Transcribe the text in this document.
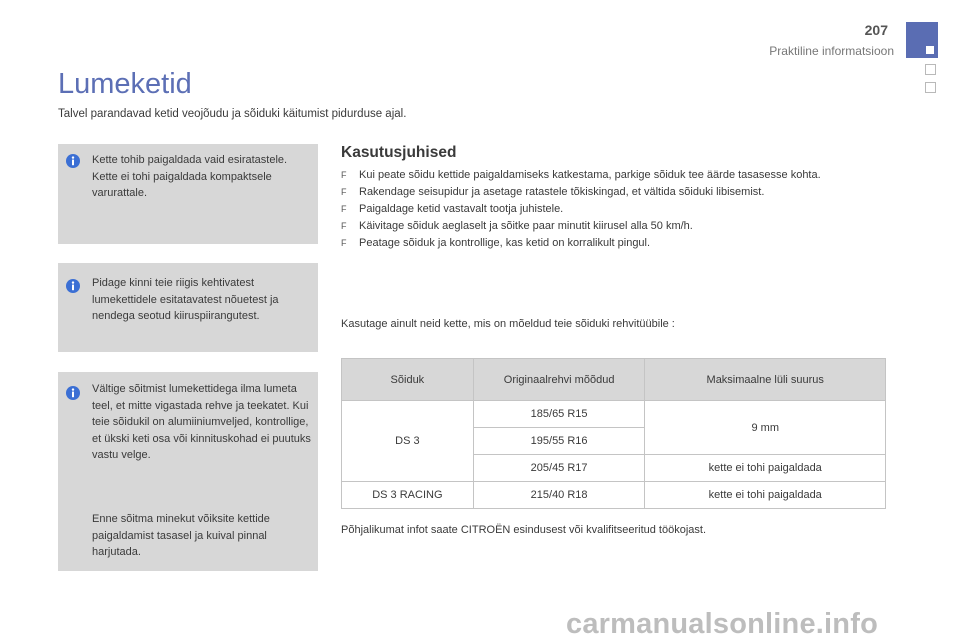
207
Praktiline informatsioon
Lumeketid
Talvel parandavad ketid veojõudu ja sõiduki käitumist pidurduse ajal.

Kette tohib paigaldada vaid esiratastele. Kette ei tohi paigaldada kompaktsele varurattale.

Pidage kinni teie riigis kehtivatest lumekettidele esitatavatest nõuetest ja nendega seotud kiiruspiirangutest.

Vältige sõitmist lumekettidega ilma lumeta teel, et mitte vigastada rehve ja teekatet. Kui teie sõidukil on alumiiniumveljed, kontrollige, et ükski keti osa või kinnituskohad ei puutuks vastu velge.

Enne sõitma minekut võiksite kettide paigaldamist tasasel ja kuival pinnal harjutada.

Kasutusjuhised
F	Kui peate sõidu kettide paigaldamiseks katkestama, parkige sõiduk tee äärde tasasesse kohta.
F	Rakendage seisupidur ja asetage ratastele tõkiskingad, et vältida sõiduki libisemist.
F	Paigaldage ketid vastavalt tootja juhistele.
F	Käivitage sõiduk aeglaselt ja sõitke paar minutit kiirusel alla 50 km/h.
F	Peatage sõiduk ja kontrollige, kas ketid on korralikult pingul.
Kasutage ainult neid kette, mis on mõeldud teie sõiduki rehvitüübile :
Sõiduk	Originaalrehvi mõõdud	Maksimaalne lüli suurus
DS 3	185/65 R15	9 mm
	195/55 R16	
	205/45 R17	kette ei tohi paigaldada
DS 3 RACING	215/40 R18	kette ei tohi paigaldada
Põhjalikumat infot saate CITROËN esindusest või kvalifitseeritud töökojast.
carmanualsonline.info
